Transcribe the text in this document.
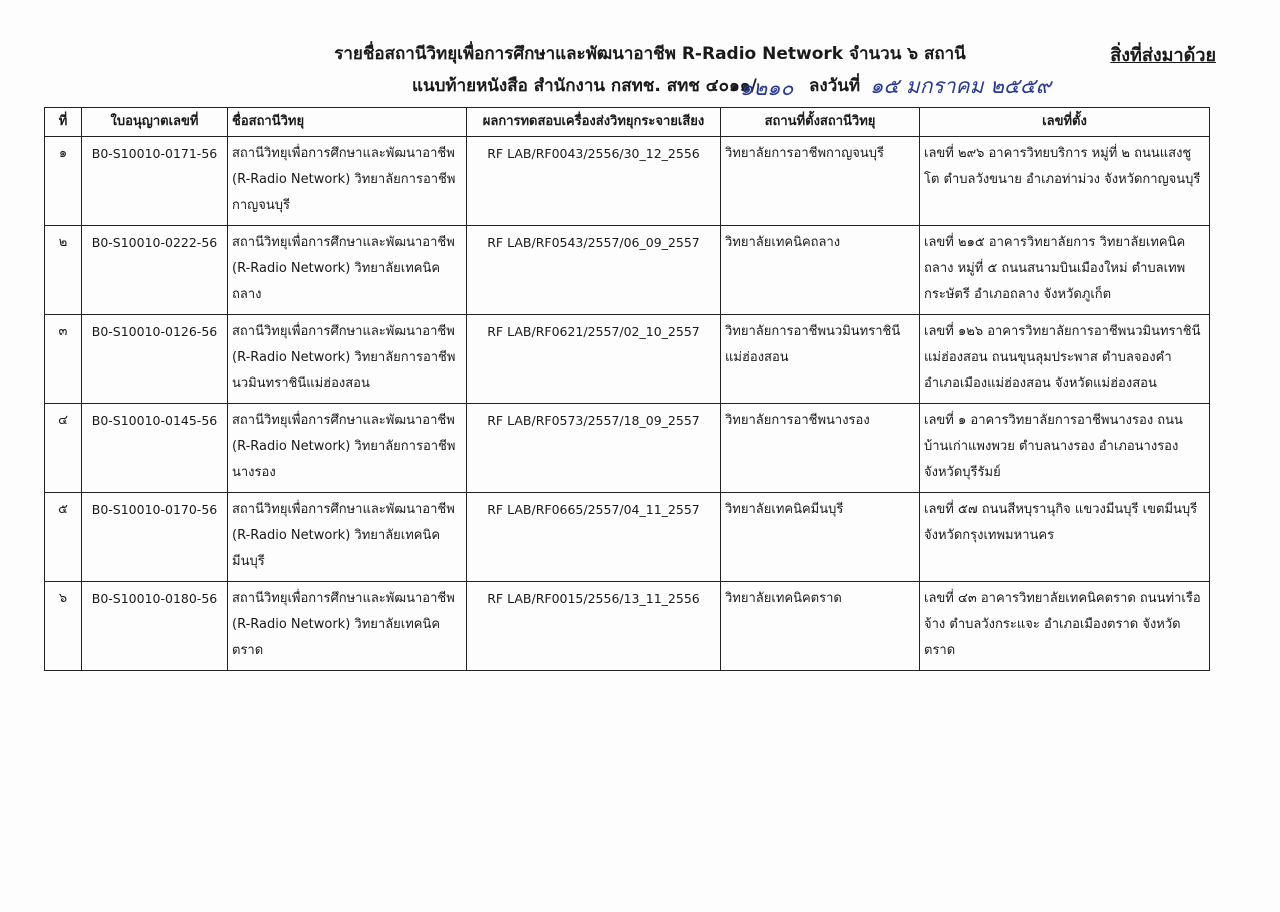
รายชื่อสถานีวิทยุเพื่อการศึกษาและพัฒนาอาชีพ R-Radio Network จำนวน ๖ สถานี
แนบท้ายหนังสือ สำนักงาน กสทช. สทช ๔๐๑๑/
๑๒๑๐ ลงวันที่ ๑๕ มกราคม ๒๕๕๙
สิ่งที่ส่งมาด้วย
ที่	ใบอนุญาตเลขที่	ชื่อสถานีวิทยุ	ผลการทดสอบเครื่องส่งวิทยุกระจายเสียง	สถานที่ตั้งสถานีวิทยุ	เลขที่ตั้ง
๑	B0-S10010-0171-56	สถานีวิทยุเพื่อการศึกษาและพัฒนาอาชีพ (R-Radio Network) วิทยาลัยการอาชีพกาญจนบุรี	RF LAB/RF0043/2556/30_12_2556	วิทยาลัยการอาชีพกาญจนบุรี	เลขที่ ๒๙๖ อาคารวิทยบริการ หมู่ที่ ๒ ถนนแสงชูโต ตำบลวังขนาย อำเภอท่าม่วง จังหวัดกาญจนบุรี

๒	B0-S10010-0222-56	สถานีวิทยุเพื่อการศึกษาและพัฒนาอาชีพ (R-Radio Network) วิทยาลัยเทคนิคถลาง	RF LAB/RF0543/2557/06_09_2557	วิทยาลัยเทคนิคถลาง	เลขที่ ๒๑๕ อาคารวิทยาลัยการ วิทยาลัยเทคนิคถลาง หมู่ที่ ๕ ถนนสนามบินเมืองใหม่ ตำบลเทพกระษัตรี อำเภอถลาง จังหวัดภูเก็ต

๓	B0-S10010-0126-56	สถานีวิทยุเพื่อการศึกษาและพัฒนาอาชีพ (R-Radio Network) วิทยาลัยการอาชีพนวมินทราชินีแม่ฮ่องสอน	RF LAB/RF0621/2557/02_10_2557	วิทยาลัยการอาชีพนวมินทราชินีแม่ฮ่องสอน	เลขที่ ๑๒๖ อาคารวิทยาลัยการอาชีพนวมินทราชินีแม่ฮ่องสอน ถนนขุนลุมประพาส ตำบลจองคำ อำเภอเมืองแม่ฮ่องสอน จังหวัดแม่ฮ่องสอน

๔	B0-S10010-0145-56	สถานีวิทยุเพื่อการศึกษาและพัฒนาอาชีพ (R-Radio Network) วิทยาลัยการอาชีพนางรอง	RF LAB/RF0573/2557/18_09_2557	วิทยาลัยการอาชีพนางรอง	เลขที่ ๑ อาคารวิทยาลัยการอาชีพนางรอง ถนนบ้านเก่าแพงพวย ตำบลนางรอง อำเภอนางรอง จังหวัดบุรีรัมย์

๕	B0-S10010-0170-56	สถานีวิทยุเพื่อการศึกษาและพัฒนาอาชีพ (R-Radio Network) วิทยาลัยเทคนิคมีนบุรี	RF LAB/RF0665/2557/04_11_2557	วิทยาลัยเทคนิคมีนบุรี	เลขที่ ๕๗ ถนนสีหบุรานุกิจ แขวงมีนบุรี เขตมีนบุรี จังหวัดกรุงเทพมหานคร

๖	B0-S10010-0180-56	สถานีวิทยุเพื่อการศึกษาและพัฒนาอาชีพ (R-Radio Network) วิทยาลัยเทคนิคตราด	RF LAB/RF0015/2556/13_11_2556	วิทยาลัยเทคนิคตราด	เลขที่ ๔๓ อาคารวิทยาลัยเทคนิคตราด ถนนท่าเรือจ้าง ตำบลวังกระแจะ อำเภอเมืองตราด จังหวัดตราด
